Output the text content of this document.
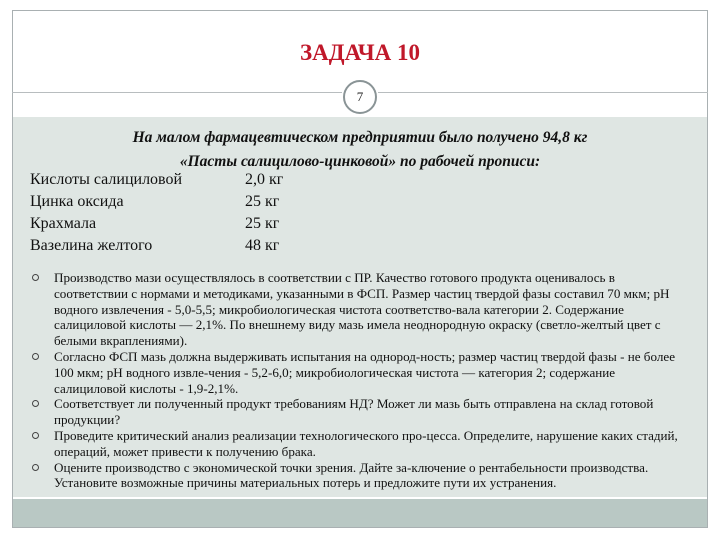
ЗАДАЧА 10
7
На малом фармацевтическом предприятии было получено 94,8 кг
«Пасты салицилово-цинковой» по рабочей прописи:
Кислоты салициловой	2,0 кг
Цинка оксида	25 кг
Крахмала	25 кг
Вазелина желтого	48 кг
Производство мази осуществлялось в соответствии с ПР. Качество готового продукта оценивалось в соответствии с нормами и методиками, указанными в ФСП. Размер частиц твердой фазы составил 70 мкм; рН водного извлечения - 5,0-5,5; микробиологическая чистота соответство-вала категории 2. Содержание салициловой кислоты — 2,1%. По внешнему виду мазь имела неоднородную окраску (светло-желтый цвет с белыми вкраплениями).
Согласно ФСП мазь должна выдерживать испытания на однород-ность; размер частиц твердой фазы - не более 100 мкм; рН водного извле-чения - 5,2-6,0; микробиологическая чистота — категория 2; содержание салициловой кислоты - 1,9-2,1%.
Соответствует ли полученный продукт требованиям НД? Может ли мазь быть отправлена на склад готовой продукции?
Проведите критический анализ реализации технологического про-цесса. Определите, нарушение каких стадий, операций, может привести к получению брака.
Оцените производство с экономической точки зрения. Дайте за-ключение о рентабельности производства. Установите возможные причины материальных потерь и предложите пути их устранения.
